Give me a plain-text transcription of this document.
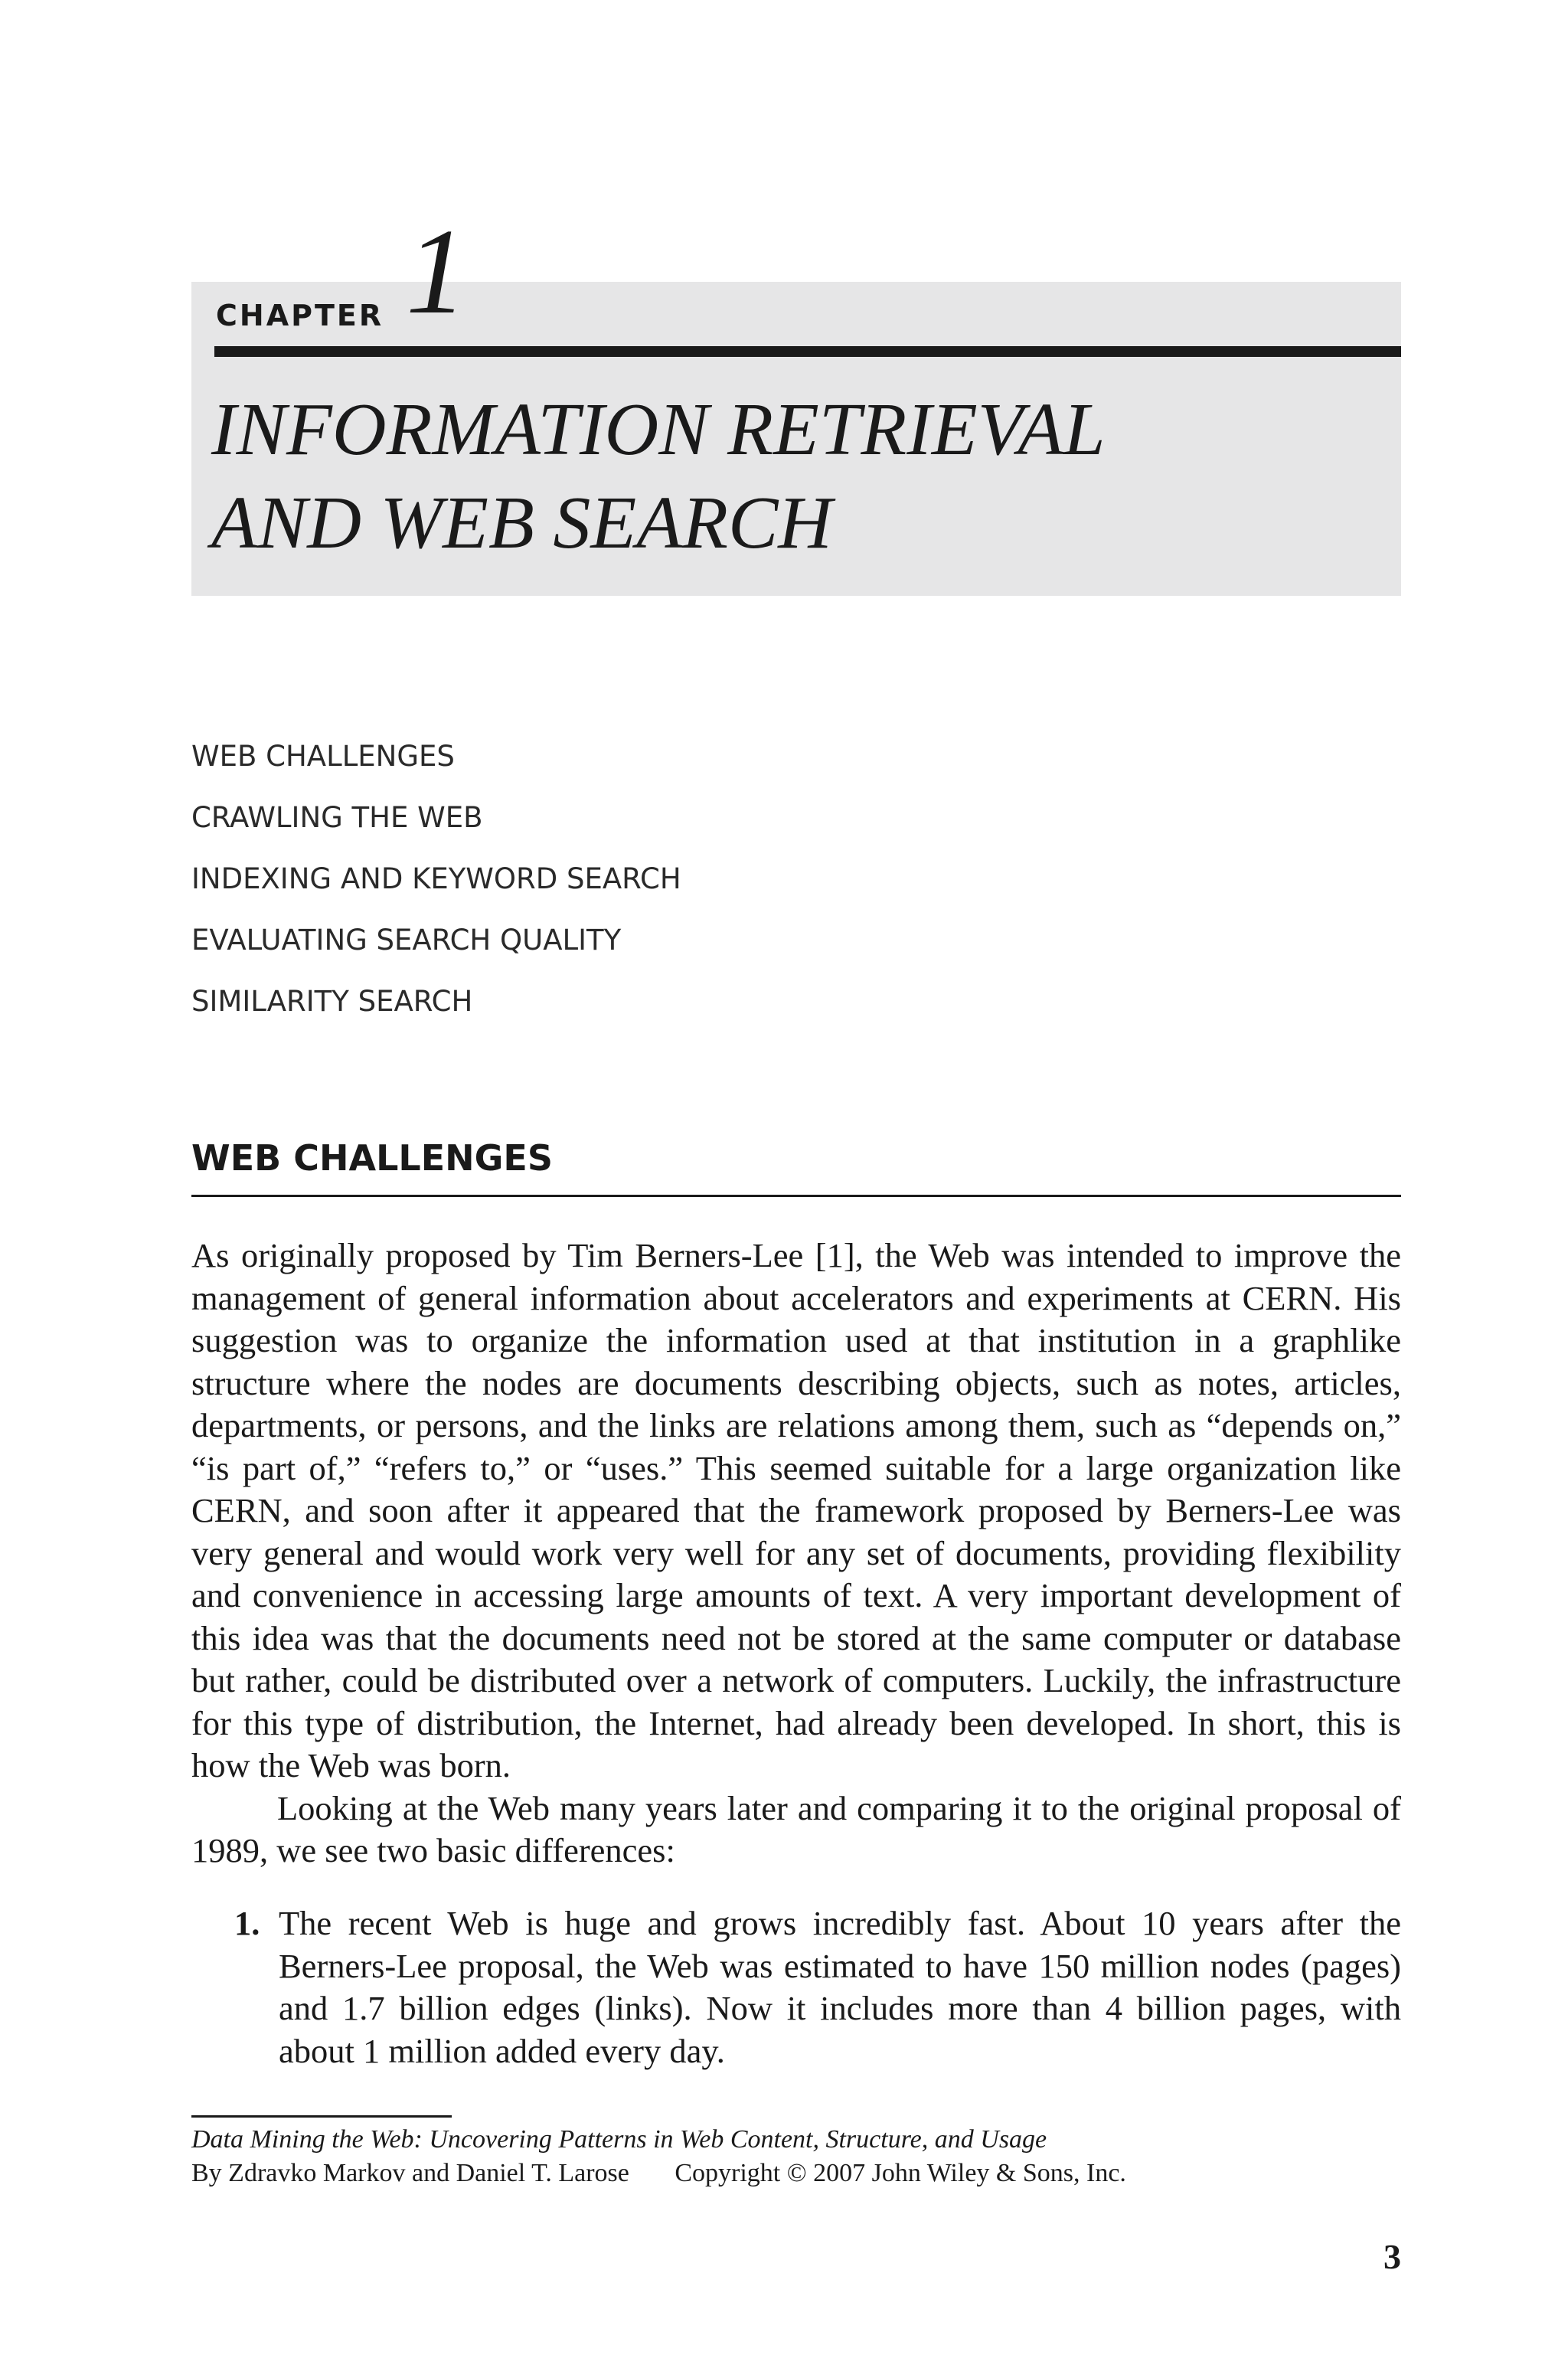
CHAPTER 1
INFORMATION RETRIEVAL
AND WEB SEARCH
WEB CHALLENGES
CRAWLING THE WEB
INDEXING AND KEYWORD SEARCH
EVALUATING SEARCH QUALITY
SIMILARITY SEARCH
WEB CHALLENGES

As originally proposed by Tim Berners-Lee [1], the Web was intended to improve the management of general information about accelerators and experiments at CERN. His suggestion was to organize the information used at that institution in a graphlike structure where the nodes are documents describing objects, such as notes, articles, departments, or persons, and the links are relations among them, such as “depends on,” “is part of,” “refers to,” or “uses.” This seemed suitable for a large organization like CERN, and soon after it appeared that the framework proposed by Berners-Lee was very general and would work very well for any set of documents, providing flexibility and convenience in accessing large amounts of text. A very important development of this idea was that the documents need not be stored at the same computer or database but rather, could be distributed over a network of computers. Luckily, the infrastructure for this type of distribution, the Internet, had already been developed. In short, this is how the Web was born.

Looking at the Web many years later and comparing it to the original proposal of 1989, we see two basic differences:

1. The recent Web is huge and grows incredibly fast. About 10 years after the Berners-Lee proposal, the Web was estimated to have 150 million nodes (pages) and 1.7 billion edges (links). Now it includes more than 4 billion pages, with about 1 million added every day.
Data Mining the Web: Uncovering Patterns in Web Content, Structure, and Usage
By Zdravko Markov and Daniel T. Larose Copyright © 2007 John Wiley & Sons, Inc.
3
